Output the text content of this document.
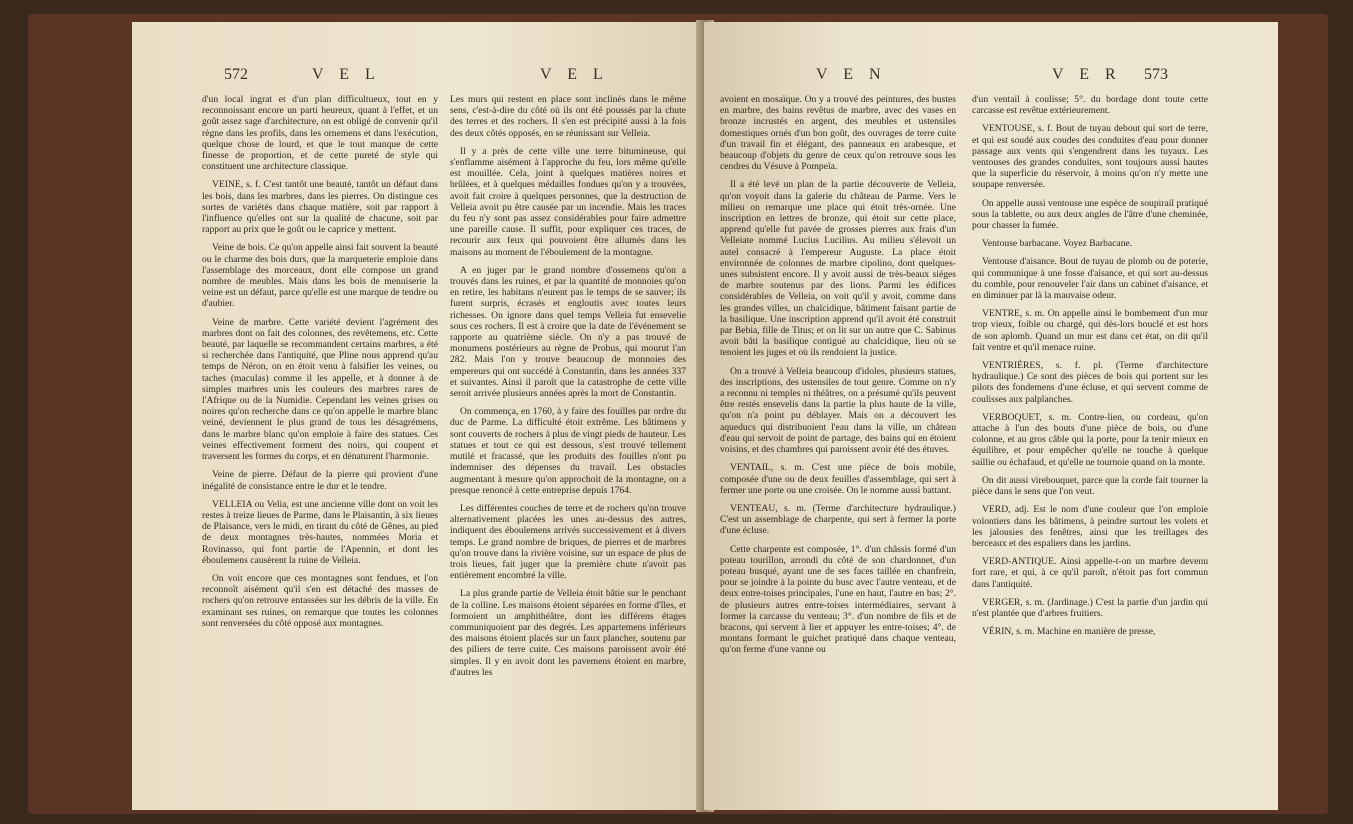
572	V E L	V E L

d'un local ingrat et d'un plan difficultueux, tout en y reconnoissant encore un parti heureux, quant à l'effet, et un goût assez sage d'architecture, on est obligé de convenir qu'il règne dans les profils, dans les ornemens et dans l'exécution, quelque chose de lourd, et que le tout manque de cette finesse de proportion, et de cette pureté de style qui constituent une architecture classique.

VEINE, s. f. C'est tantôt une beauté, tantôt un défaut dans les bois, dans les marbres, dans les pierres. On distingue ces sortes de variétés dans chaque matière, soit par rapport à l'influence qu'elles ont sur la qualité de chacune, soit par rapport au prix que le goût ou le caprice y mettent.

Veine de bois. Ce qu'on appelle ainsi fait souvent la beauté ou le charme des bois durs, que la marqueterie emploie dans l'assemblage des morceaux, dont elle compose un grand nombre de meubles. Mais dans les bois de menuiserie la veine est un défaut, parce qu'elle est une marque de tendre ou d'aubier.

Veine de marbre. Cette variété devient l'agrément des marbres dont on fait des colonnes, des revêtemens, etc. Cette beauté, par laquelle se recommandent certains marbres, a été si recherchée dans l'antiquité, que Pline nous apprend qu'au temps de Néron, on en étoit venu à falsifier les veines, ou taches (maculas) comme il les appelle, et à donner à de simples marbres unis les couleurs des marbres rares de l'Afrique ou de la Numidie. Cependant les veines grises ou noires qu'on recherche dans ce qu'on appelle le marbre blanc veiné, deviennent le plus grand de tous les désagrémens, dans le marbre blanc qu'on emploie à faire des statues. Ces veines effectivement forment des noirs, qui coupent et traversent les formes du corps, et en dénaturent l'harmonie.

Veine de pierre. Défaut de la pierre qui provient d'une inégalité de consistance entre le dur et le tendre.

VELLEIA ou Velia, est une ancienne ville dont on voit les restes à treize lieues de Parme, dans le Plaisantin, à six lieues de Plaisance, vers le midi, en tirant du côté de Gênes, au pied de deux montagnes très-hautes, nommées Moria et Rovinasso, qui font partie de l'Apennin, et dont les éboulemens causèrent la ruine de Velleia.

On voit encore que ces montagnes sont fendues, et l'on reconnoît aisément qu'il s'en est détaché des masses de rochers qu'on retrouve entassées sur les débris de la ville. En examinant ses ruines, on remarque que toutes les colonnes sont renversées du côté opposé aux montagnes.

Les murs qui restent en place sont inclinés dans le même sens, c'est-à-dire du côté où ils ont été poussés par la chute des terres et des rochers. Il s'en est précipité aussi à la fois des deux côtés opposés, en se réunissant sur Velleia.

Il y a près de cette ville une terre bitumineuse, qui s'enflamme aisément à l'approche du feu, lors même qu'elle est mouillée. Cela, joint à quelques matières noires et brûlées, et à quelques médailles fondues qu'on y a trouvées, avoit fait croire à quelques personnes, que la destruction de Velleia avoit pu être causée par un incendie. Mais les traces du feu n'y sont pas assez considérables pour faire admettre une pareille cause. Il suffit, pour expliquer ces traces, de recourir aux feux qui pouvoient être allumés dans les maisons au moment de l'éboulement de la montagne.

A en juger par le grand nombre d'ossemens qu'on a trouvés dans les ruines, et par la quantité de monnoies qu'on en retire, les habitans n'eurent pas le temps de se sauver; ils furent surpris, écrasés et engloutis avec toutes leurs richesses. On ignore dans quel temps Velleia fut ensevelie sous ces rochers. Il est à croire que la date de l'événement se rapporte au quatrième siècle. On n'y a pas trouvé de monumens postérieurs au règne de Probus, qui mourut l'an 282. Mais l'on y trouve beaucoup de monnoies des empereurs qui ont succédé à Constantin, dans les années 337 et suivantes. Ainsi il paroît que la catastrophe de cette ville seroit arrivée plusieurs années après la mort de Constantin.

On commença, en 1760, à y faire des fouilles par ordre du duc de Parme. La difficulté étoit extrême. Les bâtimens y sont couverts de rochers à plus de vingt pieds de hauteur. Les statues et tout ce qui est dessous, s'est trouvé tellement mutilé et fracassé, que les produits des fouilles n'ont pu indemniser des dépenses du travail. Les obstacles augmentant à mesure qu'on approchoit de la montagne, on a presque renoncé à cette entreprise depuis 1764.

Les différentes couches de terre et de rochers qu'on trouve alternativement placées les unes au-dessus des autres, indiquent des éboulemens arrivés successivement et à divers temps. Le grand nombre de briques, de pierres et de marbres qu'on trouve dans la rivière voisine, sur un espace de plus de trois lieues, fait juger que la première chute n'avoit pas entièrement encombré la ville.

La plus grande partie de Velleia étoit bâtie sur le penchant de la colline. Les maisons étoient séparées en forme d'îles, et formoient un amphithéâtre, dont les différens étages communiquoient par des degrés. Les appartemens inférieurs des maisons étoient placés sur un faux plancher, soutenu par des piliers de terre cuite. Ces maisons paroissent avoir été simples. Il y en avoit dont les pavemens étoient en marbre, d'autres les

V E N	V E R 573

avoient en mosaïque. On y a trouvé des peintures, des bustes en marbre, des bains revêtus de marbre, avec des vases en bronze incrustés en argent, des meubles et ustensiles domestiques ornés d'un bon goût, des ouvrages de terre cuite d'un travail fin et élégant, des panneaux en arabesque, et beaucoup d'objets du genre de ceux qu'on retrouve sous les cendres du Vésuve à Pompeïa.

Il a été levé un plan de la partie découverte de Velleia, qu'on voyoit dans la galerie du château de Parme. Vers le milieu on remarque une place qui étoit très-ornée. Une inscription en lettres de bronze, qui étoit sur cette place, apprend qu'elle fut pavée de grosses pierres aux frais d'un Velleiate nommé Lucius Lucilius. Au milieu s'élevoit un autel consacré à l'empereur Auguste. La place étoit environnée de colonnes de marbre cipolino, dont quelques-unes subsistent encore. Il y avoit aussi de très-beaux siéges de marbre soutenus par des lions. Parmi les édifices considérables de Velleia, on voit qu'il y avoit, comme dans les grandes villes, un chalcidique, bâtiment faisant partie de la basilique. Une inscription apprend qu'il avoit été construit par Bebia, fille de Titus; et on lit sur un autre que C. Sabinus avoit bâti la basilique contiguë au chalcidique, lieu où se tenoient les juges et où ils rendoient la justice.

On a trouvé à Velleia beaucoup d'idoles, plusieurs statues, des inscriptions, des ustensiles de tout genre. Comme on n'y a reconnu ni temples ni théâtres, on a présumé qu'ils peuvent être restés ensevelis dans la partie la plus haute de la ville, qu'on n'a point pu déblayer. Mais on a découvert les aqueducs qui distribuoient l'eau dans la ville, un château d'eau qui servoit de point de partage, des bains qui en étoient voisins, et des chambres qui paroissent avoir été des étuves.

VENTAIL, s. m. C'est une pièce de bois mobile, composée d'une ou de deux feuilles d'assemblage, qui sert à fermer une porte ou une croisée. On le nomme aussi battant.

VENTEAU, s. m. (Terme d'architecture hydraulique.) C'est un assemblage de charpente, qui sert à fermer la porte d'une écluse.

Cette charpente est composée, 1°. d'un châssis formé d'un poteau tourillon, arrondi du côté de son chardonnet, d'un poteau busqué, ayant une de ses faces taillée en chanfrein, pour se joindre à la pointe du busc avec l'autre venteau, et de deux entre-toises principales, l'une en haut, l'autre en bas; 2°. de plusieurs autres entre-toises intermédiaires, servant à former la carcasse du venteau; 3°. d'un nombre de fils et de bracons, qui servent à lier et appuyer les entre-toises; 4°. de montans formant le guichet pratiqué dans chaque venteau, qu'on ferme d'une vanne ou

d'un ventail à coulisse; 5°. du bordage dont toute cette carcasse est revêtue extérieurement.

VENTOUSE, s. f. Bout de tuyau debout qui sort de terre, et qui est soudé aux coudes des conduites d'eau pour donner passage aux vents qui s'engendrent dans les tuyaux. Les ventouses des grandes conduites, sont toujours aussi hautes que la superficie du réservoir, à moins qu'on n'y mette une soupape renversée.

On appelle aussi ventouse une espèce de soupirail pratiqué sous la tablette, ou aux deux angles de l'âtre d'une cheminée, pour chasser la fumée.

Ventouse barbacane. Voyez Barbacane.

Ventouse d'aisance. Bout de tuyau de plomb ou de poterie, qui communique à une fosse d'aisance, et qui sort au-dessus du comble, pour renouveler l'air dans un cabinet d'aisance, et en diminuer par là la mauvaise odeur.

VENTRE, s. m. On appelle ainsi le bombement d'un mur trop vieux, foible ou chargé, qui dès-lors bouclé et est hors de son aplomb. Quand un mur est dans cet état, on dit qu'il fait ventre et qu'il menace ruine.

VENTRIÈRES, s. f. pl. (Terme d'architecture hydraulique.) Ce sont des pièces de bois qui portent sur les pilots des fondemens d'une écluse, et qui servent comme de coulisses aux palplanches.

VERBOQUET, s. m. Contre-lien, ou cordeau, qu'on attache à l'un des bouts d'une pièce de bois, ou d'une colonne, et au gros câble qui la porte, pour la tenir mieux en équilibre, et pour empêcher qu'elle ne touche à quelque saillie ou échafaud, et qu'elle ne tournoie quand on la monte.

On dit aussi virebouquet, parce que la corde fait tourner la pièce dans le sens que l'on veut.

VERD, adj. Est le nom d'une couleur que l'on emploie volontiers dans les bâtimens, à peindre surtout les volets et les jalousies des fenêtres, ainsi que les treillages des berceaux et des espaliers dans les jardins.

VERD-ANTIQUE. Ainsi appelle-t-on un marbre devenu fort rare, et qui, à ce qu'il paroît, n'étoit pas fort commun dans l'antiquité.

VERGER, s. m. (Jardinage.) C'est la partie d'un jardin qui n'est plantée que d'arbres fruitiers.

VÉRIN, s. m. Machine en manière de presse,
